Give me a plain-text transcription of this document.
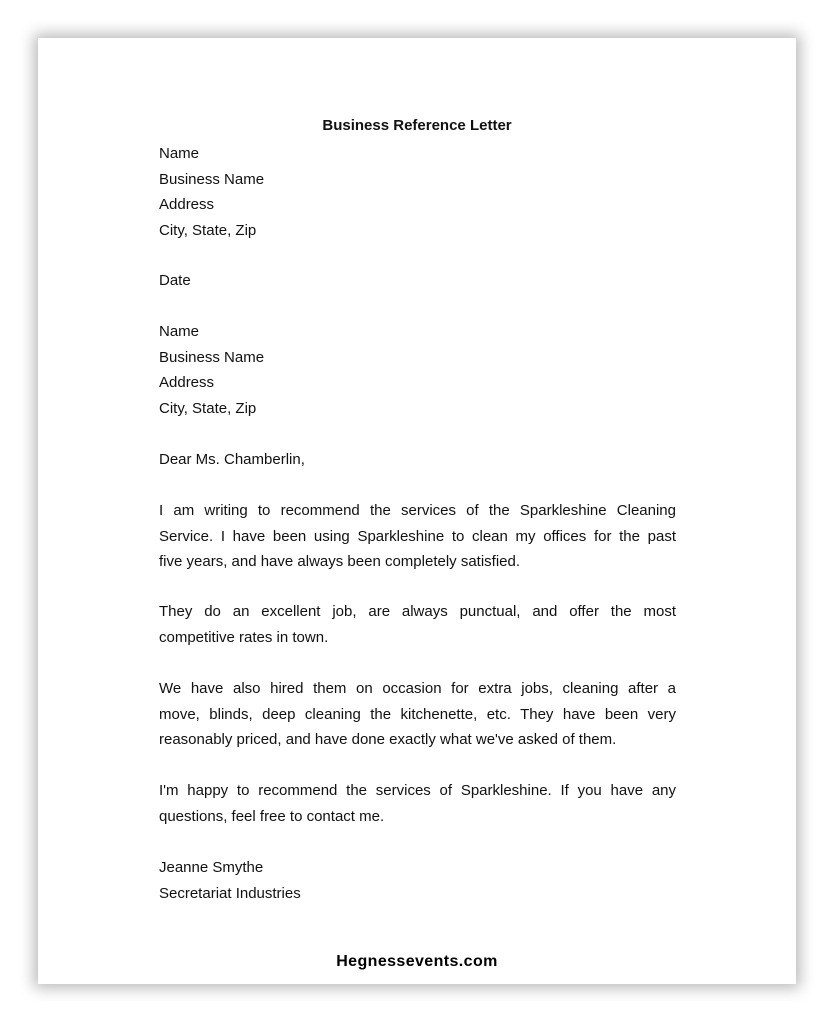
Business Reference Letter
Name
Business Name
Address
City, State, Zip
Date
Name
Business Name
Address
City, State, Zip
Dear Ms. Chamberlin,
I am writing to recommend the services of the Sparkleshine Cleaning
Service. I have been using Sparkleshine to clean my offices for the past
five years, and have always been completely satisfied.
They do an excellent job, are always punctual, and offer the most
competitive rates in town.
We have also hired them on occasion for extra jobs, cleaning after a
move, blinds, deep cleaning the kitchenette, etc. They have been very
reasonably priced, and have done exactly what we've asked of them.
I'm happy to recommend the services of Sparkleshine. If you have any
questions, feel free to contact me.
Jeanne Smythe
Secretariat Industries
Hegnessevents.com
